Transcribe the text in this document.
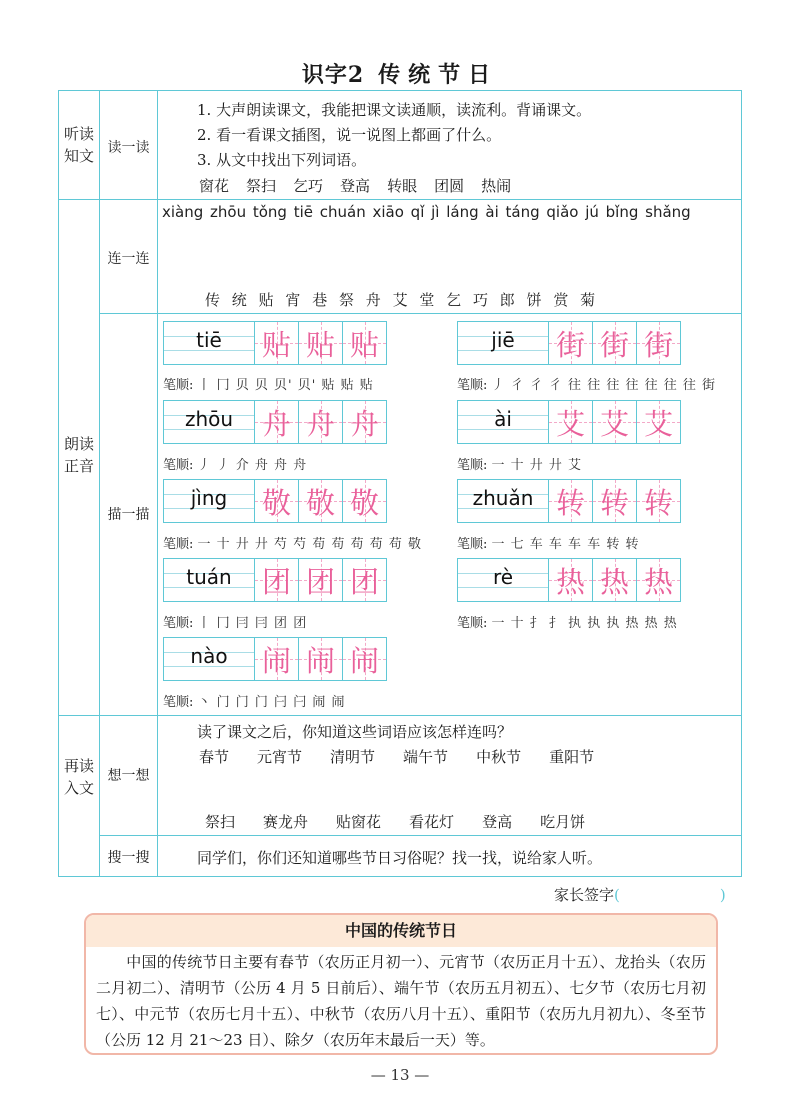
识字2 传统节日
听读
知文
朗读
正音
再读
入文
读一读
连一连
描一描
想一想
搜一搜
1. 大声朗读课文，我能把课文读通顺，读流利。背诵课文。
2. 看一看课文插图，说一说图上都画了什么。
3. 从文中找出下列词语。
窗花 祭扫 乞巧 登高 转眼 团圆 热闹
xiàng zhōu tǒng tiē chuán xiāo qǐ jì láng ài táng qiǎo jú bǐng shǎng
传 统 贴 宵 巷 祭 舟 艾 堂 乞 巧 郎 饼 赏 菊
tiē 贴 贴 贴
笔顺: 丨 冂 贝 贝 贝' 贝' 贴 贴 贴
jiē 街 街 街
笔顺: 丿 彳 彳 彳 往 往 往 往 往 往 往 街
zhōu 舟 舟 舟
笔顺: 丿 丿 介 舟 舟 舟
ài 艾 艾 艾
笔顺: 一 十 廾 廾 艾
jìng 敬 敬 敬
笔顺: 一 十 廾 廾 芍 芍 苟 苟 苟 苟 苟 敬
zhuǎn 转 转 转
笔顺: 一 七 车 车 车 车 转 转
tuán 团 团 团
笔顺: 丨 冂 冃 冃 团 团
rè 热 热 热
笔顺: 一 十 扌 扌 执 执 执 热 热 热
nào 闹 闹 闹
笔顺: 丶 门 门 门 闩 闩 闹 闹
读了课文之后，你知道这些词语应该怎样连吗？
春节 元宵节 清明节 端午节 中秋节 重阳节
祭扫 赛龙舟 贴窗花 看花灯 登高 吃月饼
同学们，你们还知道哪些节日习俗呢？找一找，说给家人听。
家长签字(	)
中国的传统节日
中国的传统节日主要有春节（农历正月初一）、元宵节（农历正月十五）、龙抬头（农历二月初二）、清明节（公历 4 月 5 日前后）、端午节（农历五月初五）、七夕节（农历七月初七）、中元节（农历七月十五）、中秋节（农历八月十五）、重阳节（农历九月初九）、冬至节（公历 12 月 21～23 日）、除夕（农历年末最后一天）等。
— 13 —
